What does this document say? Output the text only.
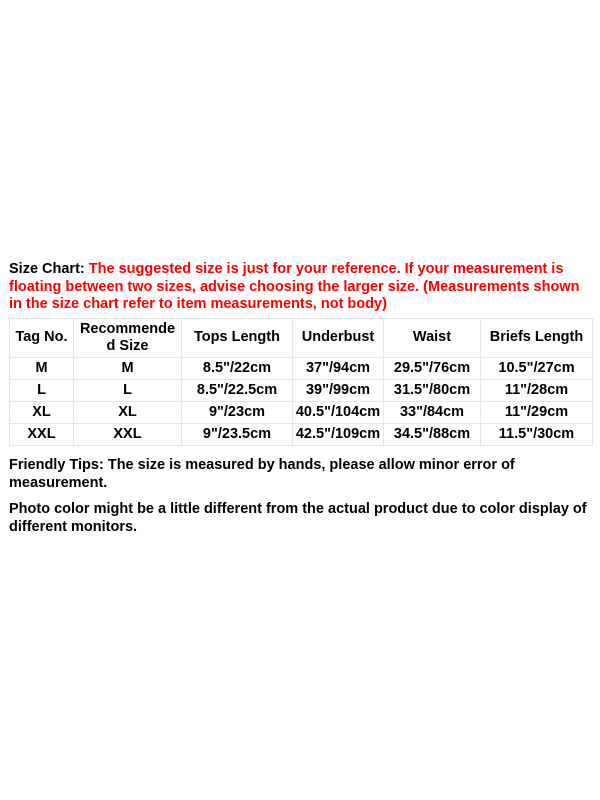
Size Chart: The suggested size is just for your reference. If your measurement is floating between two sizes, advise choosing the larger size. (Measurements shown in the size chart refer to item measurements, not body)

Tag No.	Recommende d Size	Tops Length	Underbust	Waist	Briefs Length
M	M	8.5"/22cm	37"/94cm	29.5"/76cm	10.5"/27cm
L	L	8.5"/22.5cm	39"/99cm	31.5"/80cm	11"/28cm
XL	XL	9"/23cm	40.5"/104cm	33"/84cm	11"/29cm
XXL	XXL	9"/23.5cm	42.5"/109cm	34.5"/88cm	11.5"/30cm

Friendly Tips: The size is measured by hands, please allow minor error of measurement.

Photo color might be a little different from the actual product due to color display of different monitors.
